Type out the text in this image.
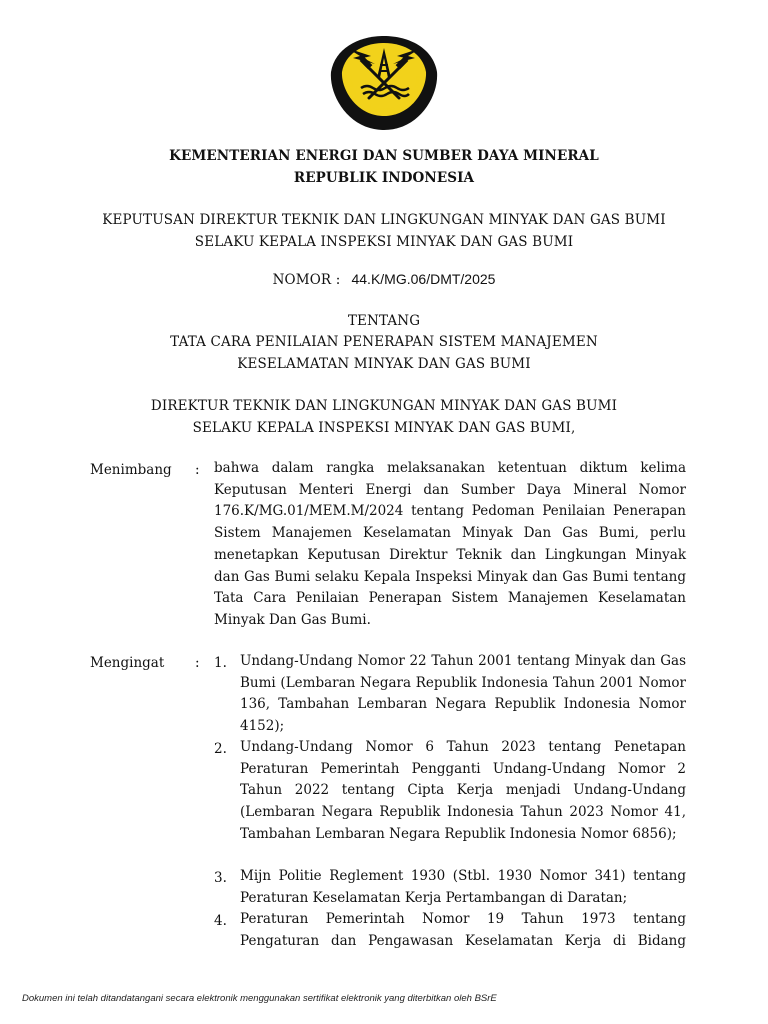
RGI DAN SUMBER DAYA MINE
KEMENTERIAN ENERGI DAN SUMBER DAYA MINERAL
REPUBLIK INDONESIA
KEPUTUSAN DIREKTUR TEKNIK DAN LINGKUNGAN MINYAK DAN GAS BUMI
SELAKU KEPALA INSPEKSI MINYAK DAN GAS BUMI
NOMOR : 44.K/MG.06/DMT/2025
TENTANG
TATA CARA PENILAIAN PENERAPAN SISTEM MANAJEMEN
KESELAMATAN MINYAK DAN GAS BUMI
DIREKTUR TEKNIK DAN LINGKUNGAN MINYAK DAN GAS BUMI
SELAKU KEPALA INSPEKSI MINYAK DAN GAS BUMI,
Menimbang : bahwa dalam rangka melaksanakan ketentuan diktum kelima Keputusan Menteri Energi dan Sumber Daya Mineral Nomor 176.K/MG.01/MEM.M/2024 tentang Pedoman Penilaian Penerapan Sistem Manajemen Keselamatan Minyak Dan Gas Bumi, perlu menetapkan Keputusan Direktur Teknik dan Lingkungan Minyak dan Gas Bumi selaku Kepala Inspeksi Minyak dan Gas Bumi tentang Tata Cara Penilaian Penerapan Sistem Manajemen Keselamatan Minyak Dan Gas Bumi.

Mengingat : 1. Undang-Undang Nomor 22 Tahun 2001 tentang Minyak dan Gas Bumi (Lembaran Negara Republik Indonesia Tahun 2001 Nomor 136, Tambahan Lembaran Negara Republik Indonesia Nomor 4152);

2. Undang-Undang Nomor 6 Tahun 2023 tentang Penetapan Peraturan Pemerintah Pengganti Undang-Undang Nomor 2 Tahun 2022 tentang Cipta Kerja menjadi Undang-Undang (Lembaran Negara Republik Indonesia Tahun 2023 Nomor 41, Tambahan Lembaran Negara Republik Indonesia Nomor 6856);

3. Mijn Politie Reglement 1930 (Stbl. 1930 Nomor 341) tentang Peraturan Keselamatan Kerja Pertambangan di Daratan;

4. Peraturan Pemerintah Nomor 19 Tahun 1973 tentang Pengaturan dan Pengawasan Keselamatan Kerja di Bidang

Dokumen ini telah ditandatangani secara elektronik menggunakan sertifikat elektronik yang diterbitkan oleh BSrE
